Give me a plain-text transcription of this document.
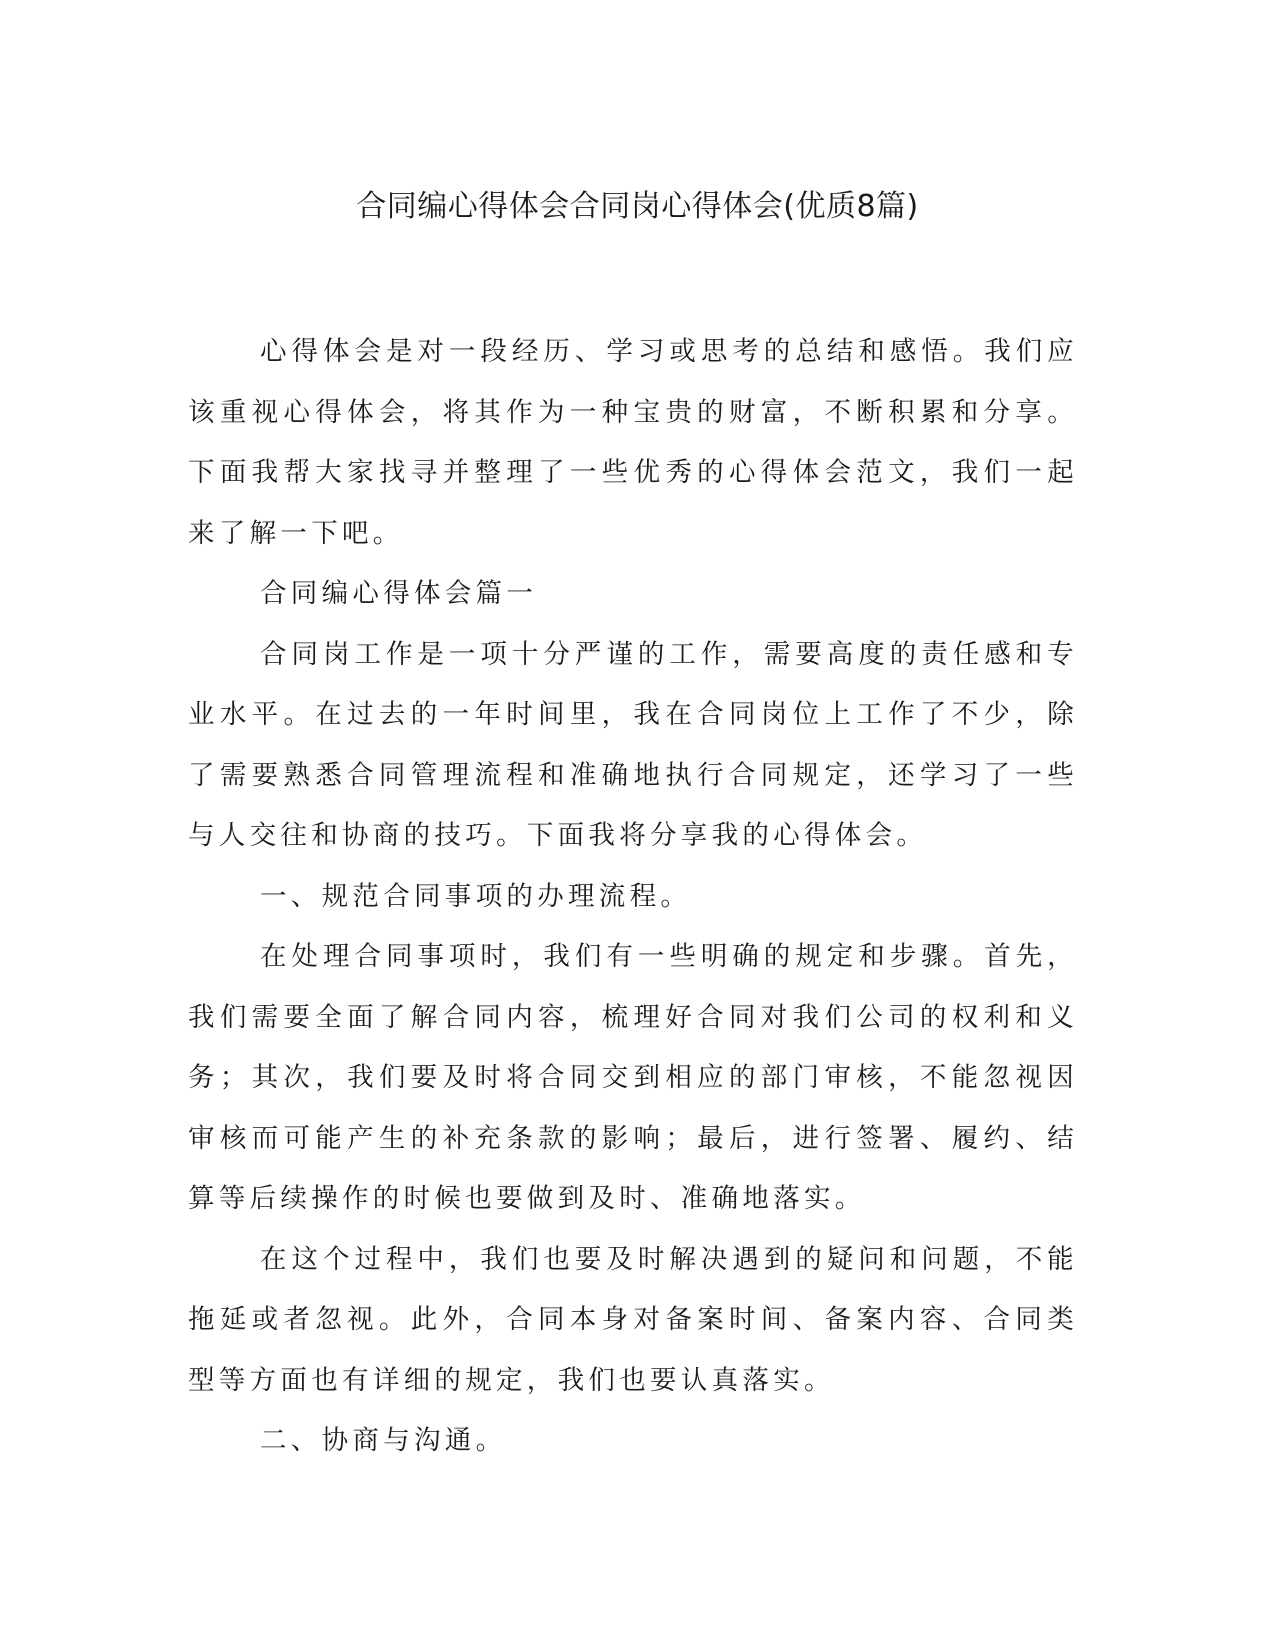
合同编心得体会合同岗心得体会(优质8篇)

心得体会是对一段经历、学习或思考的总结和感悟。我们应该重视心得体会，将其作为一种宝贵的财富，不断积累和分享。下面我帮大家找寻并整理了一些优秀的心得体会范文，我们一起来了解一下吧。

合同编心得体会篇一

合同岗工作是一项十分严谨的工作，需要高度的责任感和专业水平。在过去的一年时间里，我在合同岗位上工作了不少，除了需要熟悉合同管理流程和准确地执行合同规定，还学习了一些与人交往和协商的技巧。下面我将分享我的心得体会。

一、规范合同事项的办理流程。

在处理合同事项时，我们有一些明确的规定和步骤。首先，我们需要全面了解合同内容，梳理好合同对我们公司的权利和义务；其次，我们要及时将合同交到相应的部门审核，不能忽视因审核而可能产生的补充条款的影响；最后，进行签署、履约、结算等后续操作的时候也要做到及时、准确地落实。

在这个过程中，我们也要及时解决遇到的疑问和问题，不能拖延或者忽视。此外，合同本身对备案时间、备案内容、合同类型等方面也有详细的规定，我们也要认真落实。

二、协商与沟通。
